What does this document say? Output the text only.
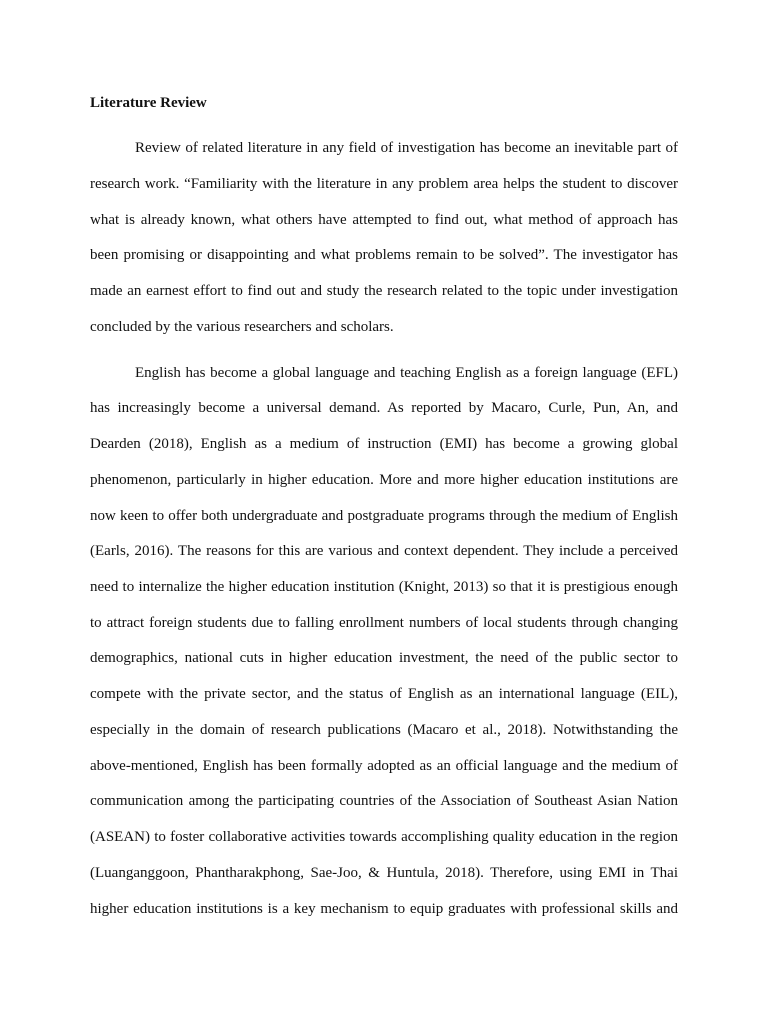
Literature Review

Review of related literature in any field of investigation has become an inevitable part of

research work. “Familiarity with the literature in any problem area helps the student to discover

what is already known, what others have attempted to find out, what method of approach has

been promising or disappointing and what problems remain to be solved”. The investigator has

made an earnest effort to find out and study the research related to the topic under investigation

concluded by the various researchers and scholars.

English has become a global language and teaching English as a foreign language (EFL)

has increasingly become a universal demand. As reported by Macaro, Curle, Pun, An, and

Dearden (2018), English as a medium of instruction (EMI) has become a growing global

phenomenon, particularly in higher education. More and more higher education institutions are

now keen to offer both undergraduate and postgraduate programs through the medium of English

(Earls, 2016). The reasons for this are various and context dependent. They include a perceived

need to internalize the higher education institution (Knight, 2013) so that it is prestigious enough

to attract foreign students due to falling enrollment numbers of local students through changing

demographics, national cuts in higher education investment, the need of the public sector to

compete with the private sector, and the status of English as an international language (EIL),

especially in the domain of research publications (Macaro et al., 2018). Notwithstanding the

above-mentioned, English has been formally adopted as an official language and the medium of

communication among the participating countries of the Association of Southeast Asian Nation

(ASEAN) to foster collaborative activities towards accomplishing quality education in the region

(Luanganggoon, Phantharakphong, Sae-Joo, & Huntula, 2018). Therefore, using EMI in Thai

higher education institutions is a key mechanism to equip graduates with professional skills and
